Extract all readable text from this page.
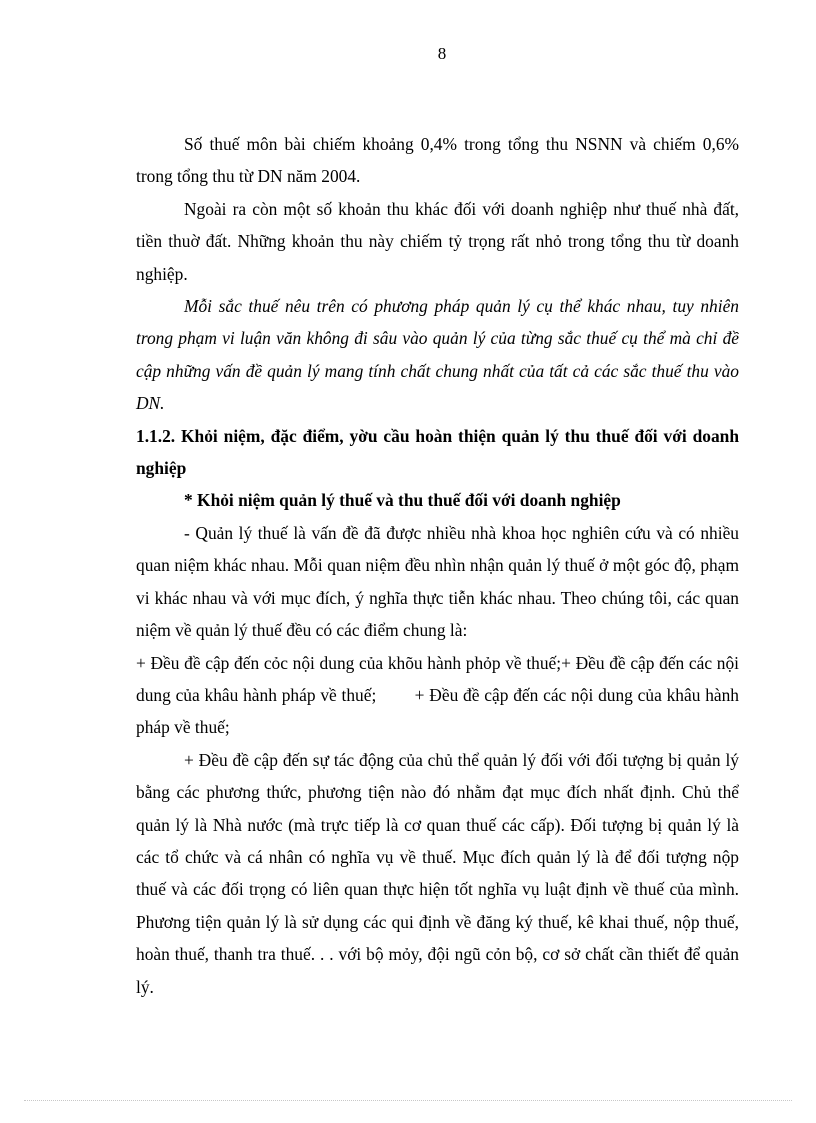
8

Số thuế môn bài chiếm khoảng 0,4% trong tổng thu NSNN và chiếm 0,6% trong tổng thu từ DN năm 2004.

Ngoài ra còn một số khoản thu khác đối với doanh nghiệp như thuế nhà đất, tiền thuờ đất. Những khoản thu này chiếm tỷ trọng rất nhỏ trong tổng thu từ doanh nghiệp.

Mỗi sắc thuế nêu trên có phương pháp quản lý cụ thể khác nhau, tuy nhiên trong phạm vi luận văn không đi sâu vào quản lý của từng sắc thuế cụ thể mà chỉ đề cập những vấn đề quản lý mang tính chất chung nhất của tất cả các sắc thuế thu vào DN.

1.1.2. Khỏi niệm, đặc điểm, yờu cầu hoàn thiện quản lý thu thuế đối với doanh nghiệp

* Khỏi niệm quản lý thuế và thu thuế đối với doanh nghiệp

- Quản lý thuế là vấn đề đã được nhiều nhà khoa học nghiên cứu và có nhiều quan niệm khác nhau. Mỗi quan niệm đều nhìn nhận quản lý thuế ở một góc độ, phạm vi khác nhau và với mục đích, ý nghĩa thực tiễn khác nhau. Theo chúng tôi, các quan niệm về quản lý thuế đều có các điểm chung là:

+ Đều đề cập đến cỏc nội dung của khõu hành phỏp về thuế;+ Đều đề cập đến các nội dung của khâu hành pháp về thuế;        + Đều đề cập đến các nội dung của khâu hành pháp về thuế;

+ Đều đề cập đến sự tác động của chủ thể quản lý đối với đối tượng bị quản lý bằng các phương thức, phương tiện nào đó nhằm đạt mục đích nhất định. Chủ thể quản lý là Nhà nước (mà trực tiếp là cơ quan thuế các cấp). Đối tượng bị quản lý là các tổ chức và cá nhân có nghĩa vụ về thuế. Mục đích quản lý là để đối tượng nộp thuế và các đối trọng có liên quan thực hiện tốt nghĩa vụ luật định về thuế của mình. Phương tiện quản lý là sử dụng các qui định về đăng ký thuế, kê khai thuế, nộp thuế, hoàn thuế, thanh tra thuế. . . với bộ mỏy, đội ngũ cỏn bộ, cơ sở chất cần thiết để quản lý.
